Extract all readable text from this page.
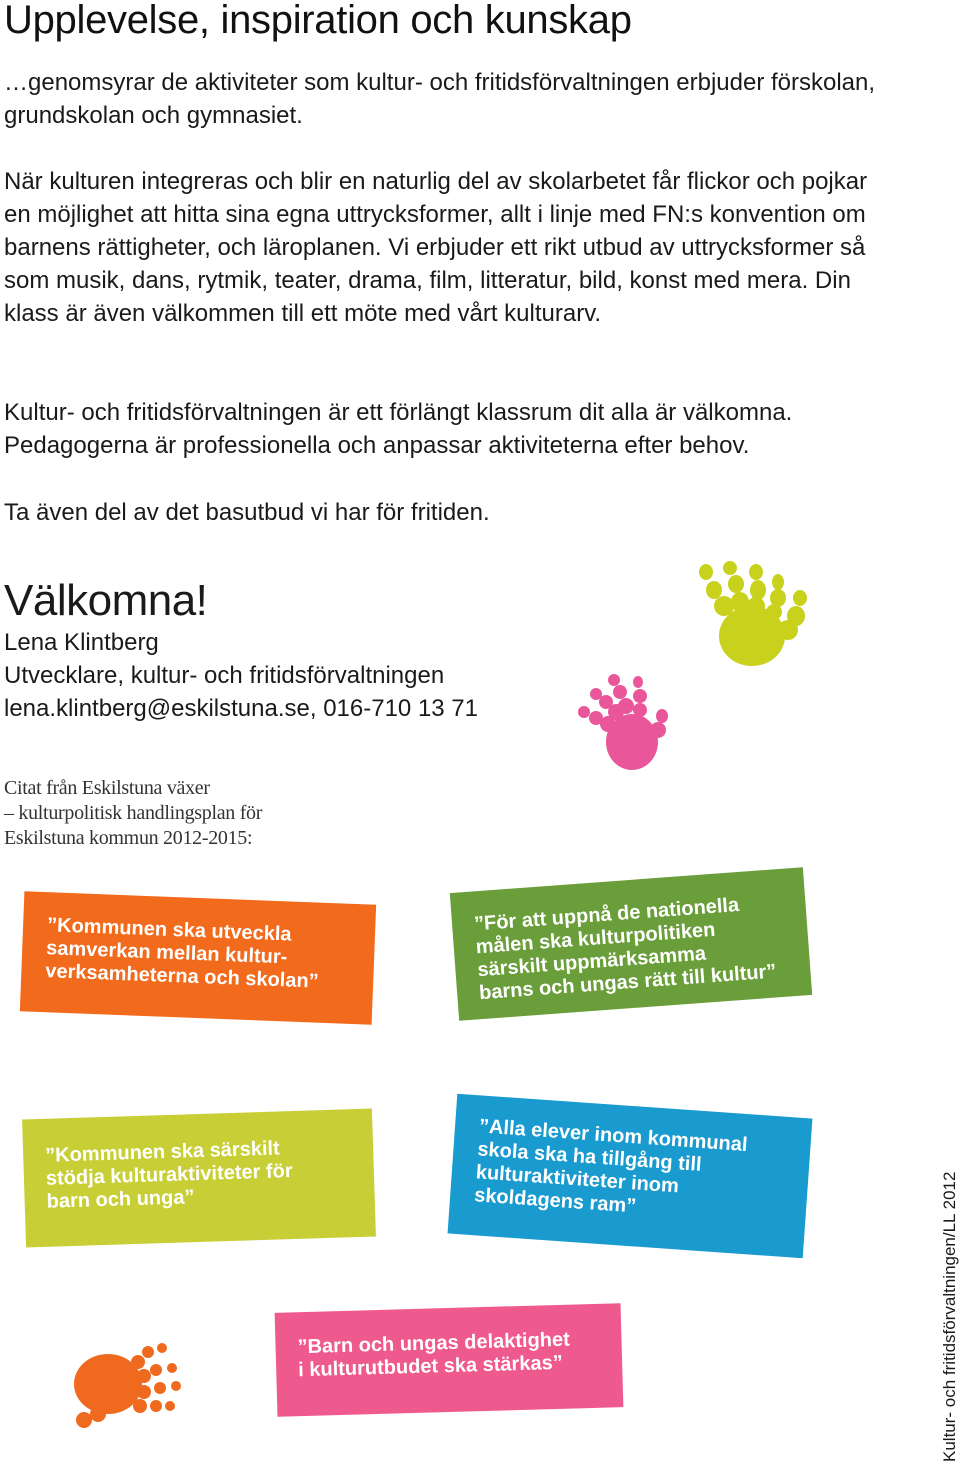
Upplevelse, inspiration och kunskap

…genomsyrar de aktiviteter som kultur- och fritidsförvaltningen erbjuder förskolan, grundskolan och gymnasiet.

När kulturen integreras och blir en naturlig del av skolarbetet får flickor och pojkar en möjlighet att hitta sina egna uttrycksformer, allt i linje med FN:s konvention om barnens rättigheter, och läroplanen. Vi erbjuder ett rikt utbud av uttrycksformer så som musik, dans, rytmik, teater, drama, film, litteratur, bild, konst med mera. Din klass är även välkommen till ett möte med vårt kulturarv.

Kultur- och fritidsförvaltningen är ett förlängt klassrum dit alla är välkomna. Pedagogerna är professionella och anpassar aktiviteterna efter behov.

Ta även del av det basutbud vi har för fritiden.

Välkomna!
Lena Klintberg
Utvecklare, kultur- och fritidsförvaltningen
lena.klintberg@eskilstuna.se, 016-710 13 71
Citat från Eskilstuna växer
– kulturpolitisk handlingsplan för
Eskilstuna kommun 2012-2015:
”Kommunen ska utveckla
samverkan mellan kultur-
verksamheterna och skolan”
”För att uppnå de nationella
målen ska kulturpolitiken
särskilt uppmärksamma
barns och ungas rätt till kultur”
”Kommunen ska särskilt
stödja kulturaktiviteter för
barn och unga”
”Alla elever inom kommunal
skola ska ha tillgång till
kulturaktiviteter inom
skoldagens ram”
”Barn och ungas delaktighet
i kulturutbudet ska stärkas”	Kultur- och fritidsförvaltningen/LL 2012
